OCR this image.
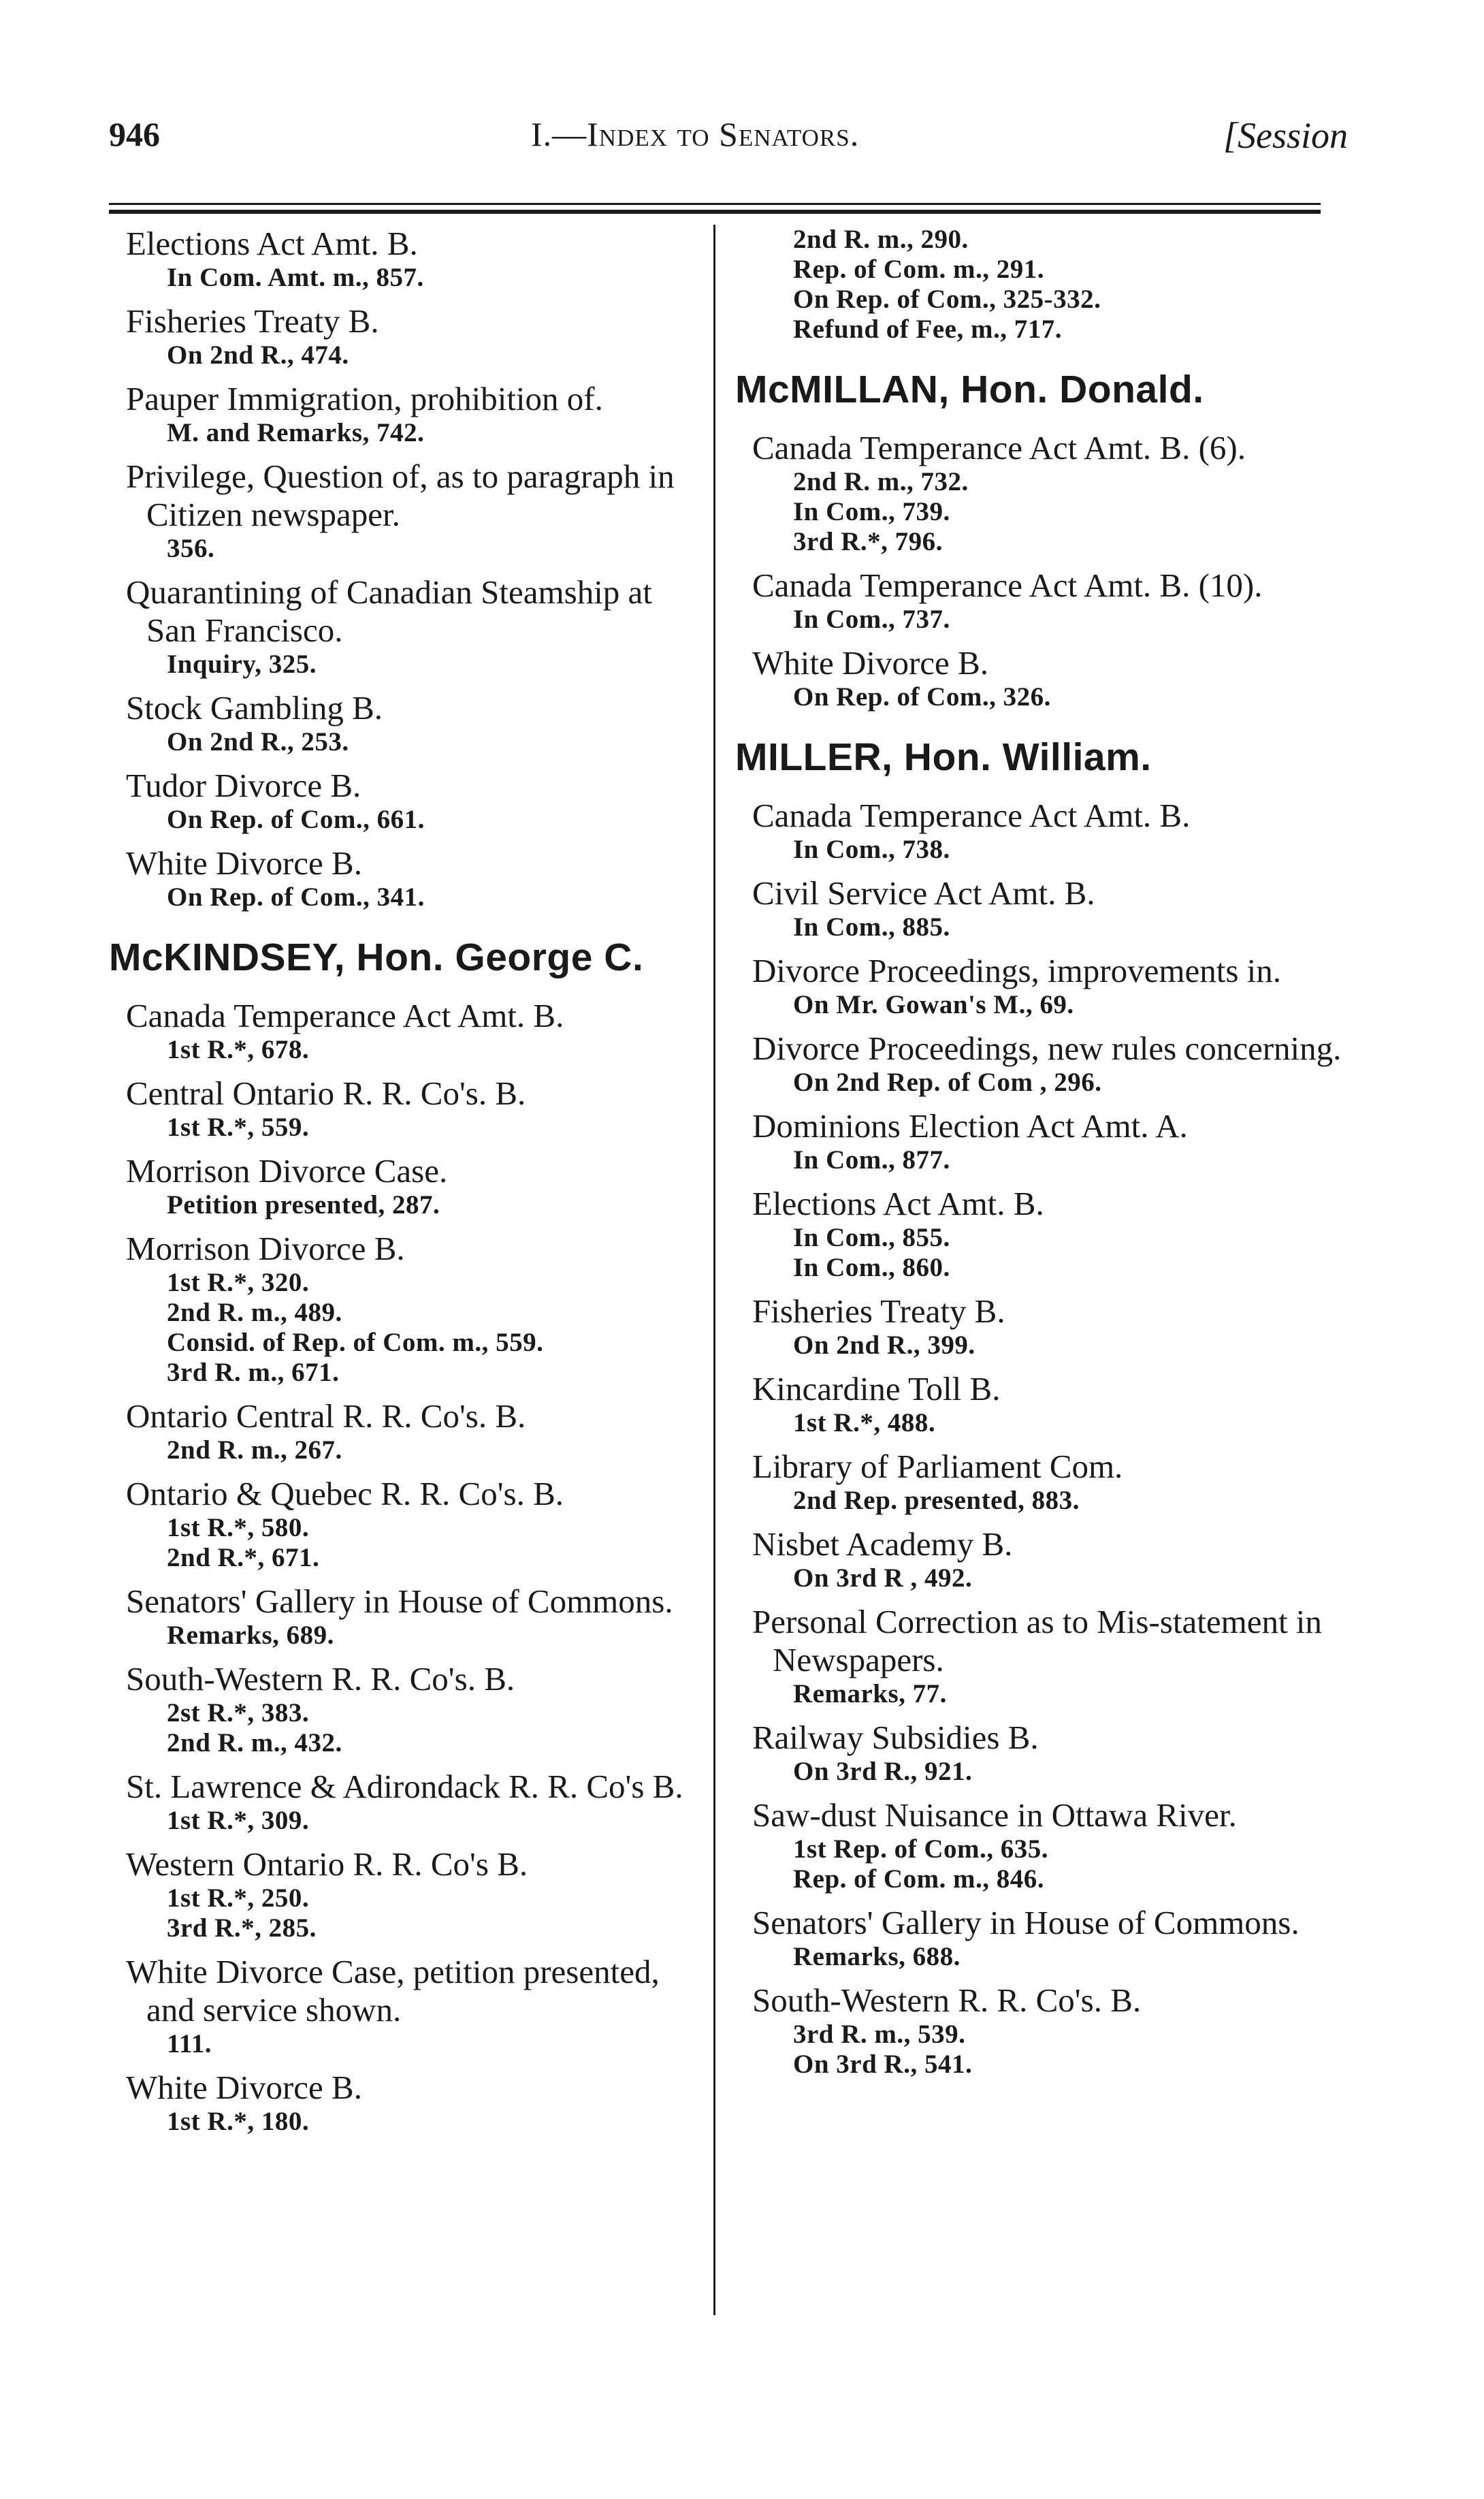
946	I.—Index to Senators.	[Session
Elections Act Amt. B.
In Com. Amt. m., 857.
Fisheries Treaty B.
On 2nd R., 474.
Pauper Immigration, prohibition of.
M. and Remarks, 742.
Privilege, Question of, as to paragraph in Citizen newspaper.
356.
Quarantining of Canadian Steamship at San Francisco.
Inquiry, 325.
Stock Gambling B.
On 2nd R., 253.
Tudor Divorce B.
On Rep. of Com., 661.
White Divorce B.
On Rep. of Com., 341.
McKINDSEY, Hon. George C.
Canada Temperance Act Amt. B.
1st R.*, 678.
Central Ontario R. R. Co's. B.
1st R.*, 559.
Morrison Divorce Case.
Petition presented, 287.
Morrison Divorce B.
1st R.*, 320.
2nd R. m., 489.
Consid. of Rep. of Com. m., 559.
3rd R. m., 671.
Ontario Central R. R. Co's. B.
2nd R. m., 267.
Ontario & Quebec R. R. Co's. B.
1st R.*, 580.
2nd R.*, 671.
Senators' Gallery in House of Commons.
Remarks, 689.
South-Western R. R. Co's. B.
2st R.*, 383.
2nd R. m., 432.
St. Lawrence & Adirondack R. R. Co's B.
1st R.*, 309.
Western Ontario R. R. Co's B.
1st R.*, 250.
3rd R.*, 285.
White Divorce Case, petition presented, and service shown.
111.
White Divorce B.
1st R.*, 180.
2nd R. m., 290.
Rep. of Com. m., 291.
On Rep. of Com., 325-332.
Refund of Fee, m., 717.
McMILLAN, Hon. Donald.
Canada Temperance Act Amt. B. (6).
2nd R. m., 732.
In Com., 739.
3rd R.*, 796.
Canada Temperance Act Amt. B. (10).
In Com., 737.
White Divorce B.
On Rep. of Com., 326.
MILLER, Hon. William.
Canada Temperance Act Amt. B.
In Com., 738.
Civil Service Act Amt. B.
In Com., 885.
Divorce Proceedings, improvements in.
On Mr. Gowan's M., 69.
Divorce Proceedings, new rules concerning.
On 2nd Rep. of Com , 296.
Dominions Election Act Amt. A.
In Com., 877.
Elections Act Amt. B.
In Com., 855.
In Com., 860.
Fisheries Treaty B.
On 2nd R., 399.
Kincardine Toll B.
1st R.*, 488.
Library of Parliament Com.
2nd Rep. presented, 883.
Nisbet Academy B.
On 3rd R , 492.
Personal Correction as to Mis-statement in Newspapers.
Remarks, 77.
Railway Subsidies B.
On 3rd R., 921.
Saw-dust Nuisance in Ottawa River.
1st Rep. of Com., 635.
Rep. of Com. m., 846.
Senators' Gallery in House of Commons.
Remarks, 688.
South-Western R. R. Co's. B.
3rd R. m., 539.
On 3rd R., 541.
